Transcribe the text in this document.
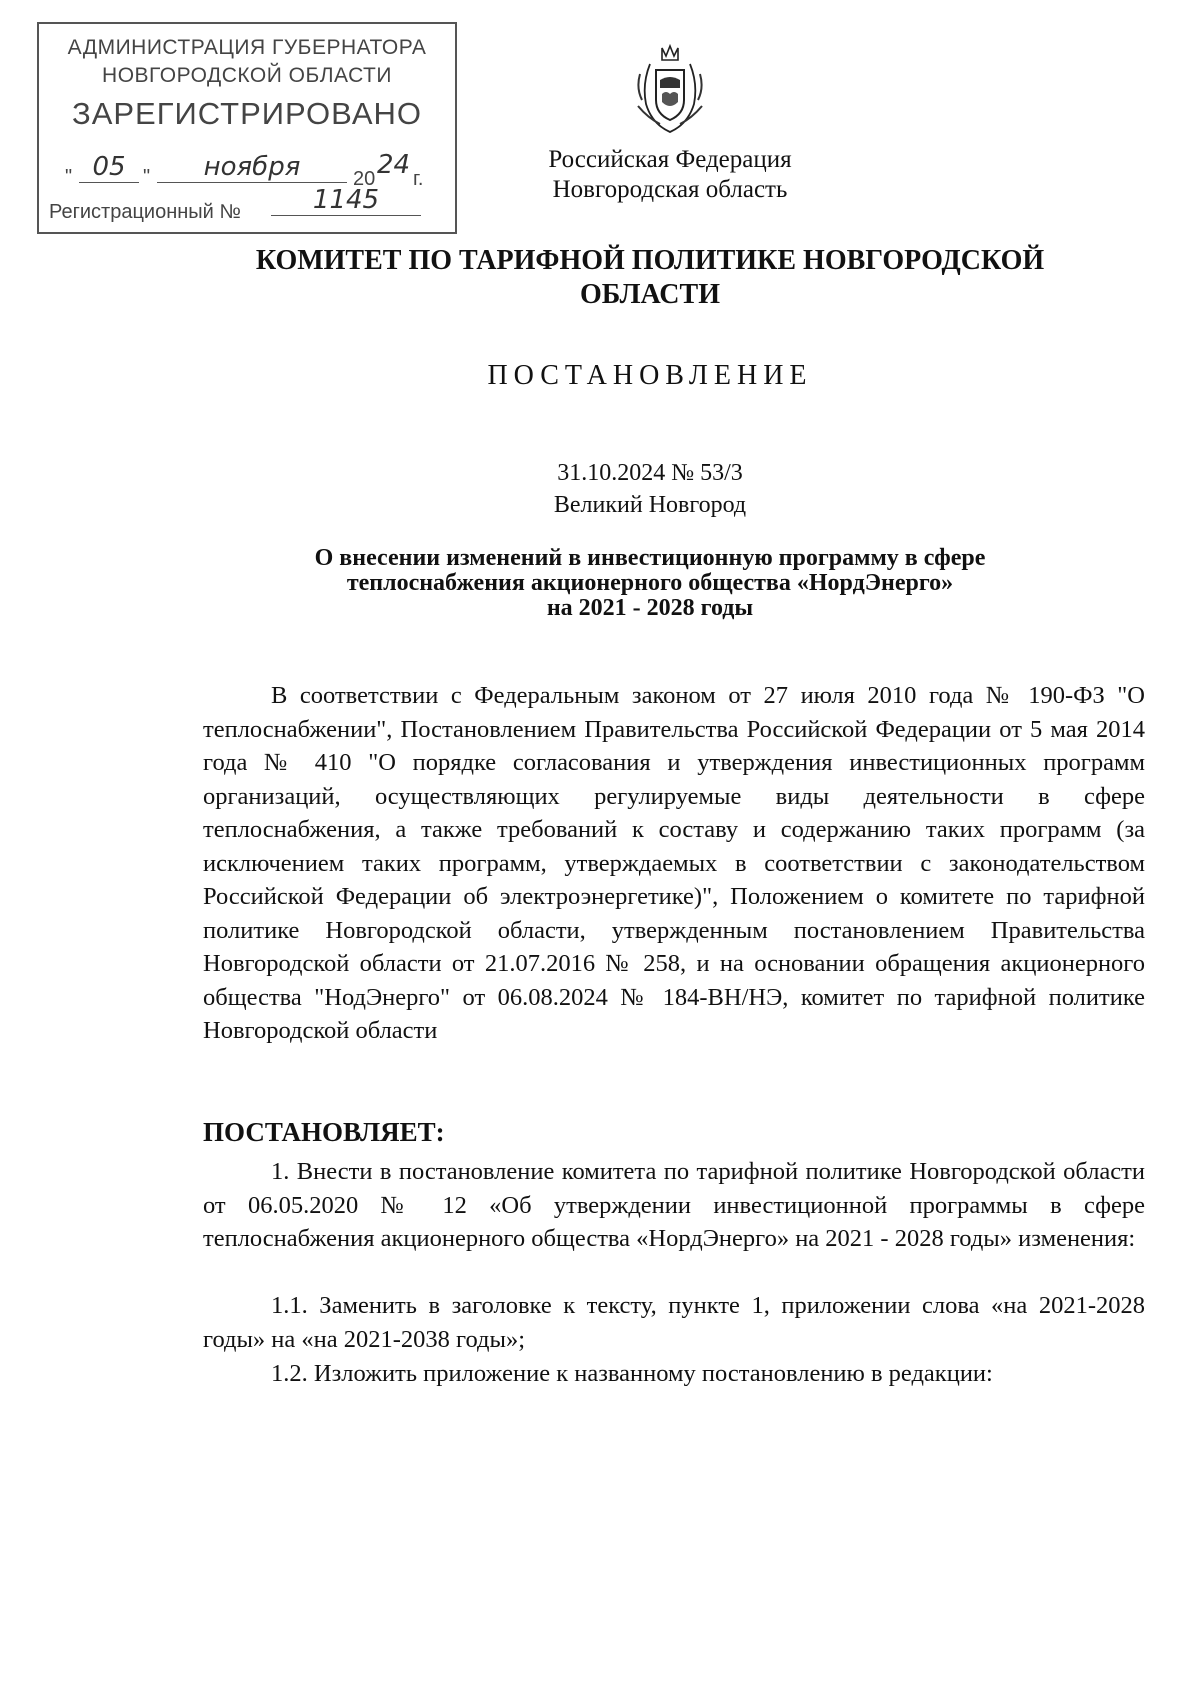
АДМИНИСТРАЦИЯ ГУБЕРНАТОРА
НОВГОРОДСКОЙ ОБЛАСТИ
ЗАРЕГИСТРИРОВАНО
" 05 "	ноября	20 24 г.
Регистрационный №	1145
Российская Федерация
Новгородская область
КОМИТЕТ ПО ТАРИФНОЙ ПОЛИТИКЕ НОВГОРОДСКОЙ
ОБЛАСТИ
ПОСТАНОВЛЕНИЕ
31.10.2024 № 53/3
Великий Новгород
О внесении изменений в инвестиционную программу в сфере
теплоснабжения акционерного общества «НордЭнерго»
на 2021 - 2028 годы
В соответствии с Федеральным законом от 27 июля 2010 года № 190-ФЗ "О теплоснабжении", Постановлением Правительства Российской Федерации от 5 мая 2014 года № 410 "О порядке согласования и утверждения инвестиционных программ организаций, осуществляющих регулируемые виды деятельности в сфере теплоснабжения, а также требований к составу и содержанию таких программ (за исключением таких программ, утверждаемых в соответствии с законодательством Российской Федерации об электроэнергетике)", Положением о комитете по тарифной политике Новгородской области, утвержденным постановлением Правительства Новгородской области от 21.07.2016 № 258, и на основании обращения акционерного общества "НодЭнерго" от 06.08.2024 № 184-ВН/НЭ, комитет по тарифной политике Новгородской области
ПОСТАНОВЛЯЕТ:
1. Внести в постановление комитета по тарифной политике Новгородской области от 06.05.2020 № 12 «Об утверждении инвестиционной программы в сфере теплоснабжения акционерного общества «НордЭнерго» на 2021 - 2028 годы» изменения:
1.1. Заменить в заголовке к тексту, пункте 1, приложении слова «на 2021-2028 годы» на «на 2021-2038 годы»;
1.2. Изложить приложение к названному постановлению в редакции:
